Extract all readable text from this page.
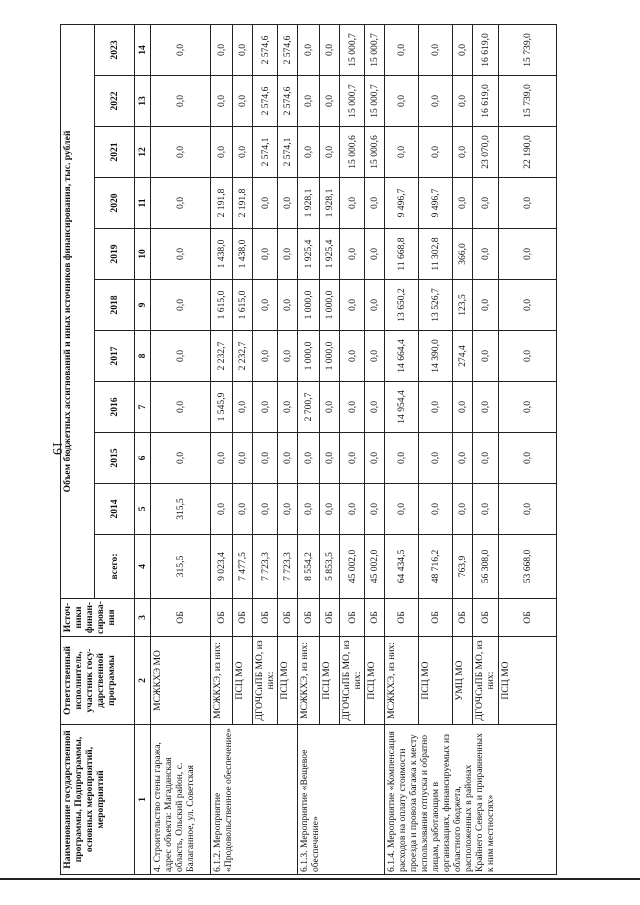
19
Наименование государственной программы, Подпрограммы, основных мероприятий, мероприятий	Ответственный исполнитель, участник госу- дарственной программы	Источ- ники финан- сирова- ния	Объем бюджетных ассигнований и иных источников финансирования, тыс. рублей										
			всего:	2014	2015	2016	2017	2018	2019	2020	2021	2022	2023
1	2	3	4	5	6	7	8	9	10	11	12	13	14
4. Строительство стены гаража, адрес объекта: Магаданская область, Ольский район, с. Балаганное, ул. Советская	МСЖКХЭ МО	ОБ	315,5	315,5	0,0	0,0	0,0	0,0	0,0	0,0	0,0	0,0	0,0
6.1.2. Мероприятие «Продовольственное обеспечение»	МСЖКХЭ, из них:	ОБ	9 023,4	0,0	0,0	1 545,9	2 232,7	1 615,0	1 438,0	2 191,8	0,0	0,0	0,0
	ПСЦ МО	ОБ	7 477,5	0,0	0,0	0,0	2 232,7	1 615,0	1 438,0	2 191,8	0,0	0,0	0,0
	ДГОЧСиПБ МО, из них:	ОБ	7 723,3	0,0	0,0	0,0	0,0	0,0	0,0	0,0	2 574,1	2 574,6	2 574,6
	ПСЦ МО	ОБ	7 723,3	0,0	0,0	0,0	0,0	0,0	0,0	0,0	2 574,1	2 574,6	2 574,6
6.1.3. Мероприятие «Вещевое обеспечение»	МСЖКХЭ, из них:	ОБ	8 554,2	0,0	0,0	2 700,7	1 000,0	1 000,0	1 925,4	1 928,1	0,0	0,0	0,0
	ПСЦ МО	ОБ	5 853,5	0,0	0,0	0,0	1 000,0	1 000,0	1 925,4	1 928,1	0,0	0,0	0,0
	ДГОЧСиПБ МО, из них:	ОБ	45 002,0	0,0	0,0	0,0	0,0	0,0	0,0	0,0	15 000,6	15 000,7	15 000,7
	ПСЦ МО	ОБ	45 002,0	0,0	0,0	0,0	0,0	0,0	0,0	0,0	15 000,6	15 000,7	15 000,7
6.1.4. Мероприятие «Компенсация расходов на оплату стоимости проезда и провоза багажа к месту использования отпуска и обратно лицам, работающим в организациях, финансируемых из областного бюджета, расположенных в районах Крайнего Севера и приравненных к ним местностях»	МСЖКХЭ, из них:	ОБ	64 434,5	0,0	0,0	14 954,4	14 664,4	13 650,2	11 668,8	9 496,7	0,0	0,0	0,0
	ПСЦ МО	ОБ	48 716,2	0,0	0,0	0,0	14 390,0	13 526,7	11 302,8	9 496,7	0,0	0,0	0,0
	УМЦ МО	ОБ	763,9	0,0	0,0	0,0	274,4	123,5	366,0	0,0	0,0	0,0	0,0
	ДГОЧСиПБ МО, из них:	ОБ	56 308,0	0,0	0,0	0,0	0,0	0,0	0,0	0,0	23 070,0	16 619,0	16 619,0
	ПСЦ МО	ОБ	53 668,0	0,0	0,0	0,0	0,0	0,0	0,0	0,0	22 190,0	15 739,0	15 739,0
